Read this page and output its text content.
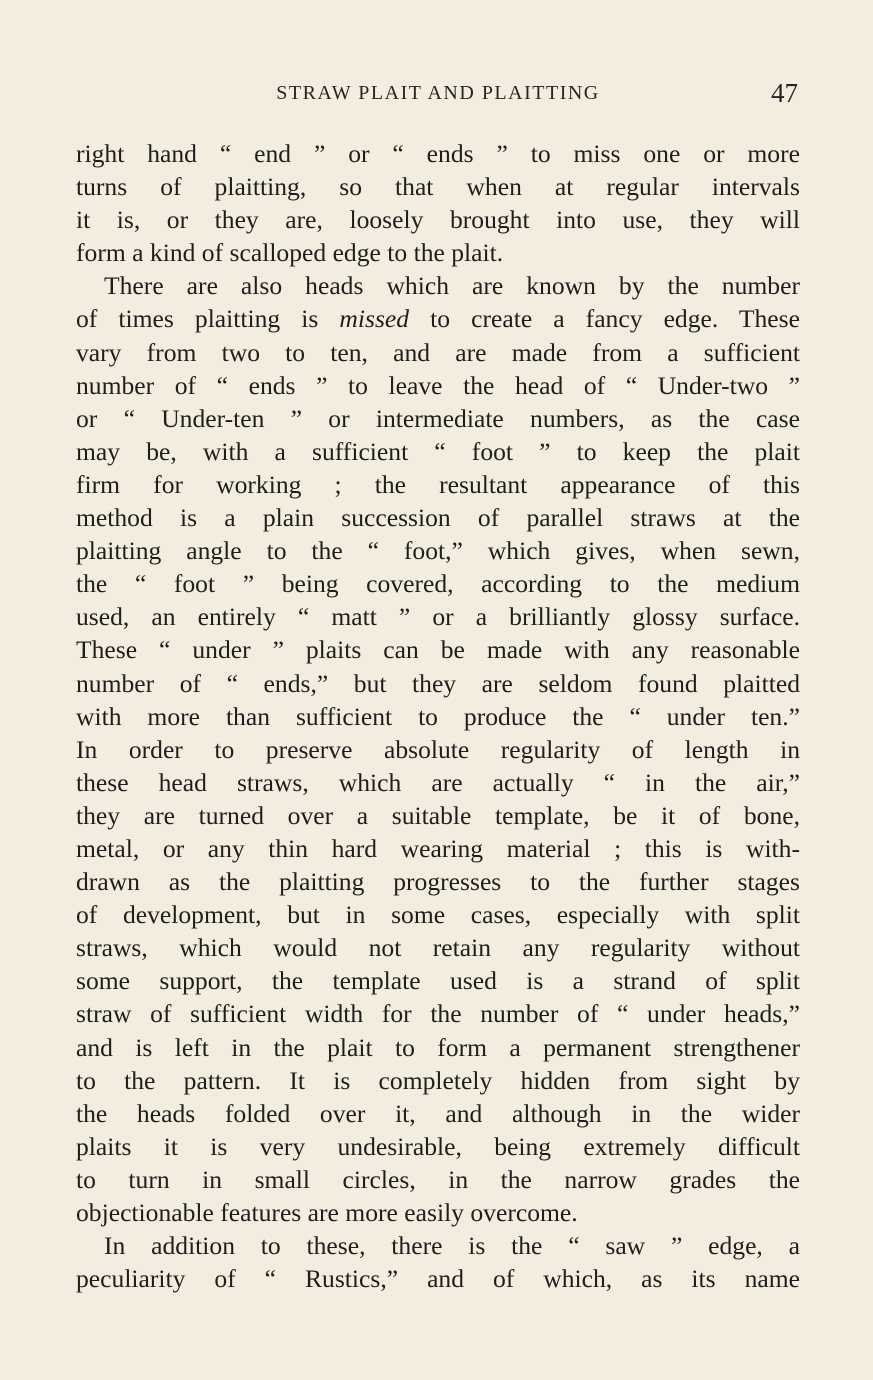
STRAW PLAIT AND PLAITTING	47
right hand “ end ” or “ ends ” to miss one or more
turns of plaitting, so that when at regular intervals
it is, or they are, loosely brought into use, they will
form a kind of scalloped edge to the plait.
There are also heads which are known by the number
of times plaitting is missed to create a fancy edge. These
vary from two to ten, and are made from a sufficient
number of “ ends ” to leave the head of “ Under-two ”
or “ Under-ten ” or intermediate numbers, as the case
may be, with a sufficient “ foot ” to keep the plait
firm for working ; the resultant appearance of this
method is a plain succession of parallel straws at the
plaitting angle to the “ foot,” which gives, when sewn,
the “ foot ” being covered, according to the medium
used, an entirely “ matt ” or a brilliantly glossy surface.
These “ under ” plaits can be made with any reasonable
number of “ ends,” but they are seldom found plaitted
with more than sufficient to produce the “ under ten.”
In order to preserve absolute regularity of length in
these head straws, which are actually “ in the air,”
they are turned over a suitable template, be it of bone,
metal, or any thin hard wearing material ; this is with-
drawn as the plaitting progresses to the further stages
of development, but in some cases, especially with split
straws, which would not retain any regularity without
some support, the template used is a strand of split
straw of sufficient width for the number of “ under heads,”
and is left in the plait to form a permanent strengthener
to the pattern. It is completely hidden from sight by
the heads folded over it, and although in the wider
plaits it is very undesirable, being extremely difficult
to turn in small circles, in the narrow grades the
objectionable features are more easily overcome.
In addition to these, there is the “ saw ” edge, a
peculiarity of “ Rustics,” and of which, as its name
